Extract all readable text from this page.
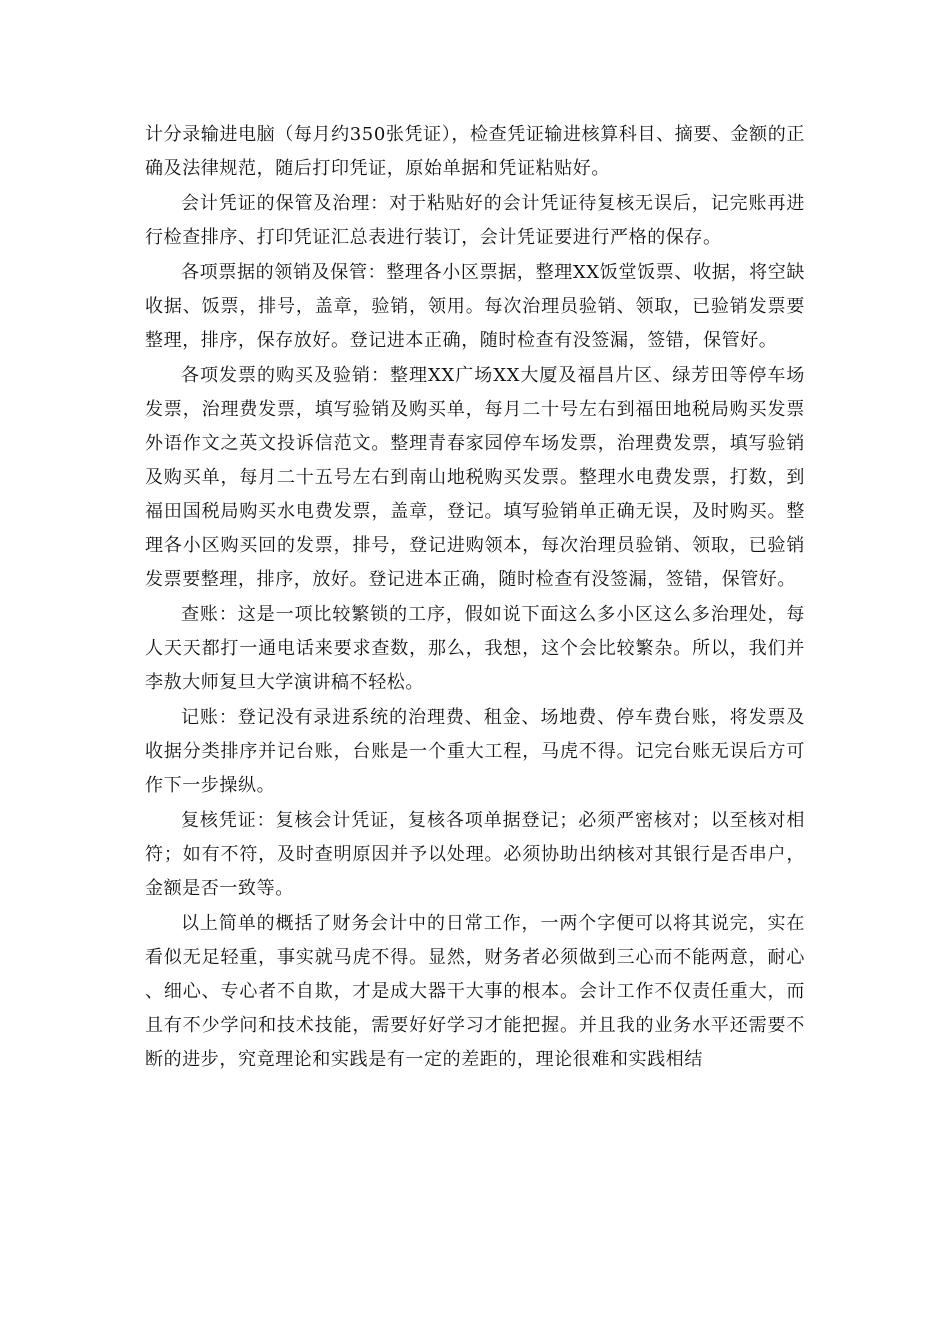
计分录输进电脑（每月约350张凭证），检查凭证输进核算科目、摘要、金额的正确及法律规范，随后打印凭证，原始单据和凭证粘贴好。

会计凭证的保管及治理：对于粘贴好的会计凭证待复核无误后，记完账再进行检查排序、打印凭证汇总表进行装订，会计凭证要进行严格的保存。

各项票据的领销及保管：整理各小区票据，整理XX饭堂饭票、收据，将空缺收据、饭票，排号，盖章，验销，领用。每次治理员验销、领取，已验销发票要整理，排序，保存放好。登记进本正确，随时检查有没签漏，签错，保管好。

各项发票的购买及验销：整理XX广场XX大厦及福昌片区、绿芳田等停车场发票，治理费发票，填写验销及购买单，每月二十号左右到福田地税局购买发票外语作文之英文投诉信范文。整理青春家园停车场发票，治理费发票，填写验销及购买单，每月二十五号左右到南山地税购买发票。整理水电费发票，打数，到福田国税局购买水电费发票，盖章，登记。填写验销单正确无误，及时购买。整理各小区购买回的发票，排号，登记进购领本，每次治理员验销、领取，已验销发票要整理，排序，放好。登记进本正确，随时检查有没签漏，签错，保管好。

查账：这是一项比较繁锁的工序，假如说下面这么多小区这么多治理处，每人天天都打一通电话来要求查数，那么，我想，这个会比较繁杂。所以，我们并李敖大师复旦大学演讲稿不轻松。

记账：登记没有录进系统的治理费、租金、场地费、停车费台账，将发票及收据分类排序并记台账，台账是一个重大工程，马虎不得。记完台账无误后方可作下一步操纵。

复核凭证：复核会计凭证，复核各项单据登记；必须严密核对；以至核对相符；如有不符，及时查明原因并予以处理。必须协助出纳核对其银行是否串户，金额是否一致等。

以上简单的概括了财务会计中的日常工作，一两个字便可以将其说完，实在看似无足轻重，事实就马虎不得。显然，财务者必须做到三心而不能两意，耐心、细心、专心者不自欺，才是成大器干大事的根本。会计工作不仅责任重大，而且有不少学问和技术技能，需要好好学习才能把握。并且我的业务水平还需要不断的进步，究竟理论和实践是有一定的差距的，理论很难和实践相结
